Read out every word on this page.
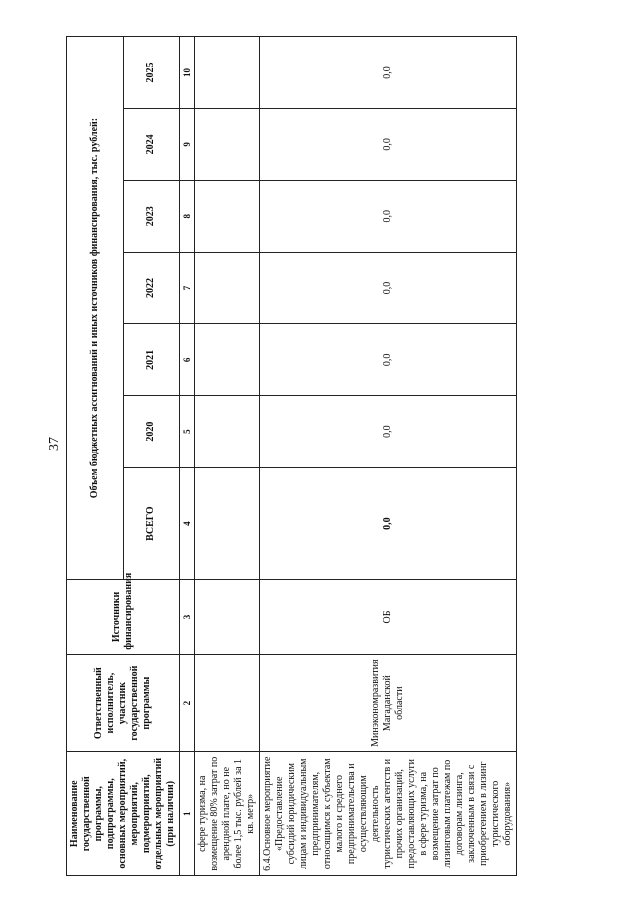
37
Наименование государственной программы, подпрограммы, основных мероприятий, мероприятий, подмероприятий, отдельных мероприятий (при наличии)	Ответственный исполнитель, участник государственной программы	Источники финансирования	Объем бюджетных ассигнований и иных источников финансирования, тыс. рублей:						
			ВСЕГО	2020	2021	2022	2023	2024	2025
1	2	3	4	5	6	7	8	9	10
сфере туризма, на возмещение 80% затрат по арендной плате, но не более 1,5 тыс. рублей за 1 кв. метр»									
6.4.Основное мероприятие «Предоставление субсидий юридическим лицам и индивидуальным предпринимателям, относящимся к субъектам малого и среднего предпринимательства и осуществляющим деятельность туристических агентств и прочих организаций, предоставляющих услуги в сфере туризма, на возмещение затрат по лизинговым платежам по договорам лизинга, заключенным в связи с приобретением в лизинг туристического оборудования»	Минэкономразвития Магаданской области	ОБ	0,0	0,0	0,0	0,0	0,0	0,0	0,0
